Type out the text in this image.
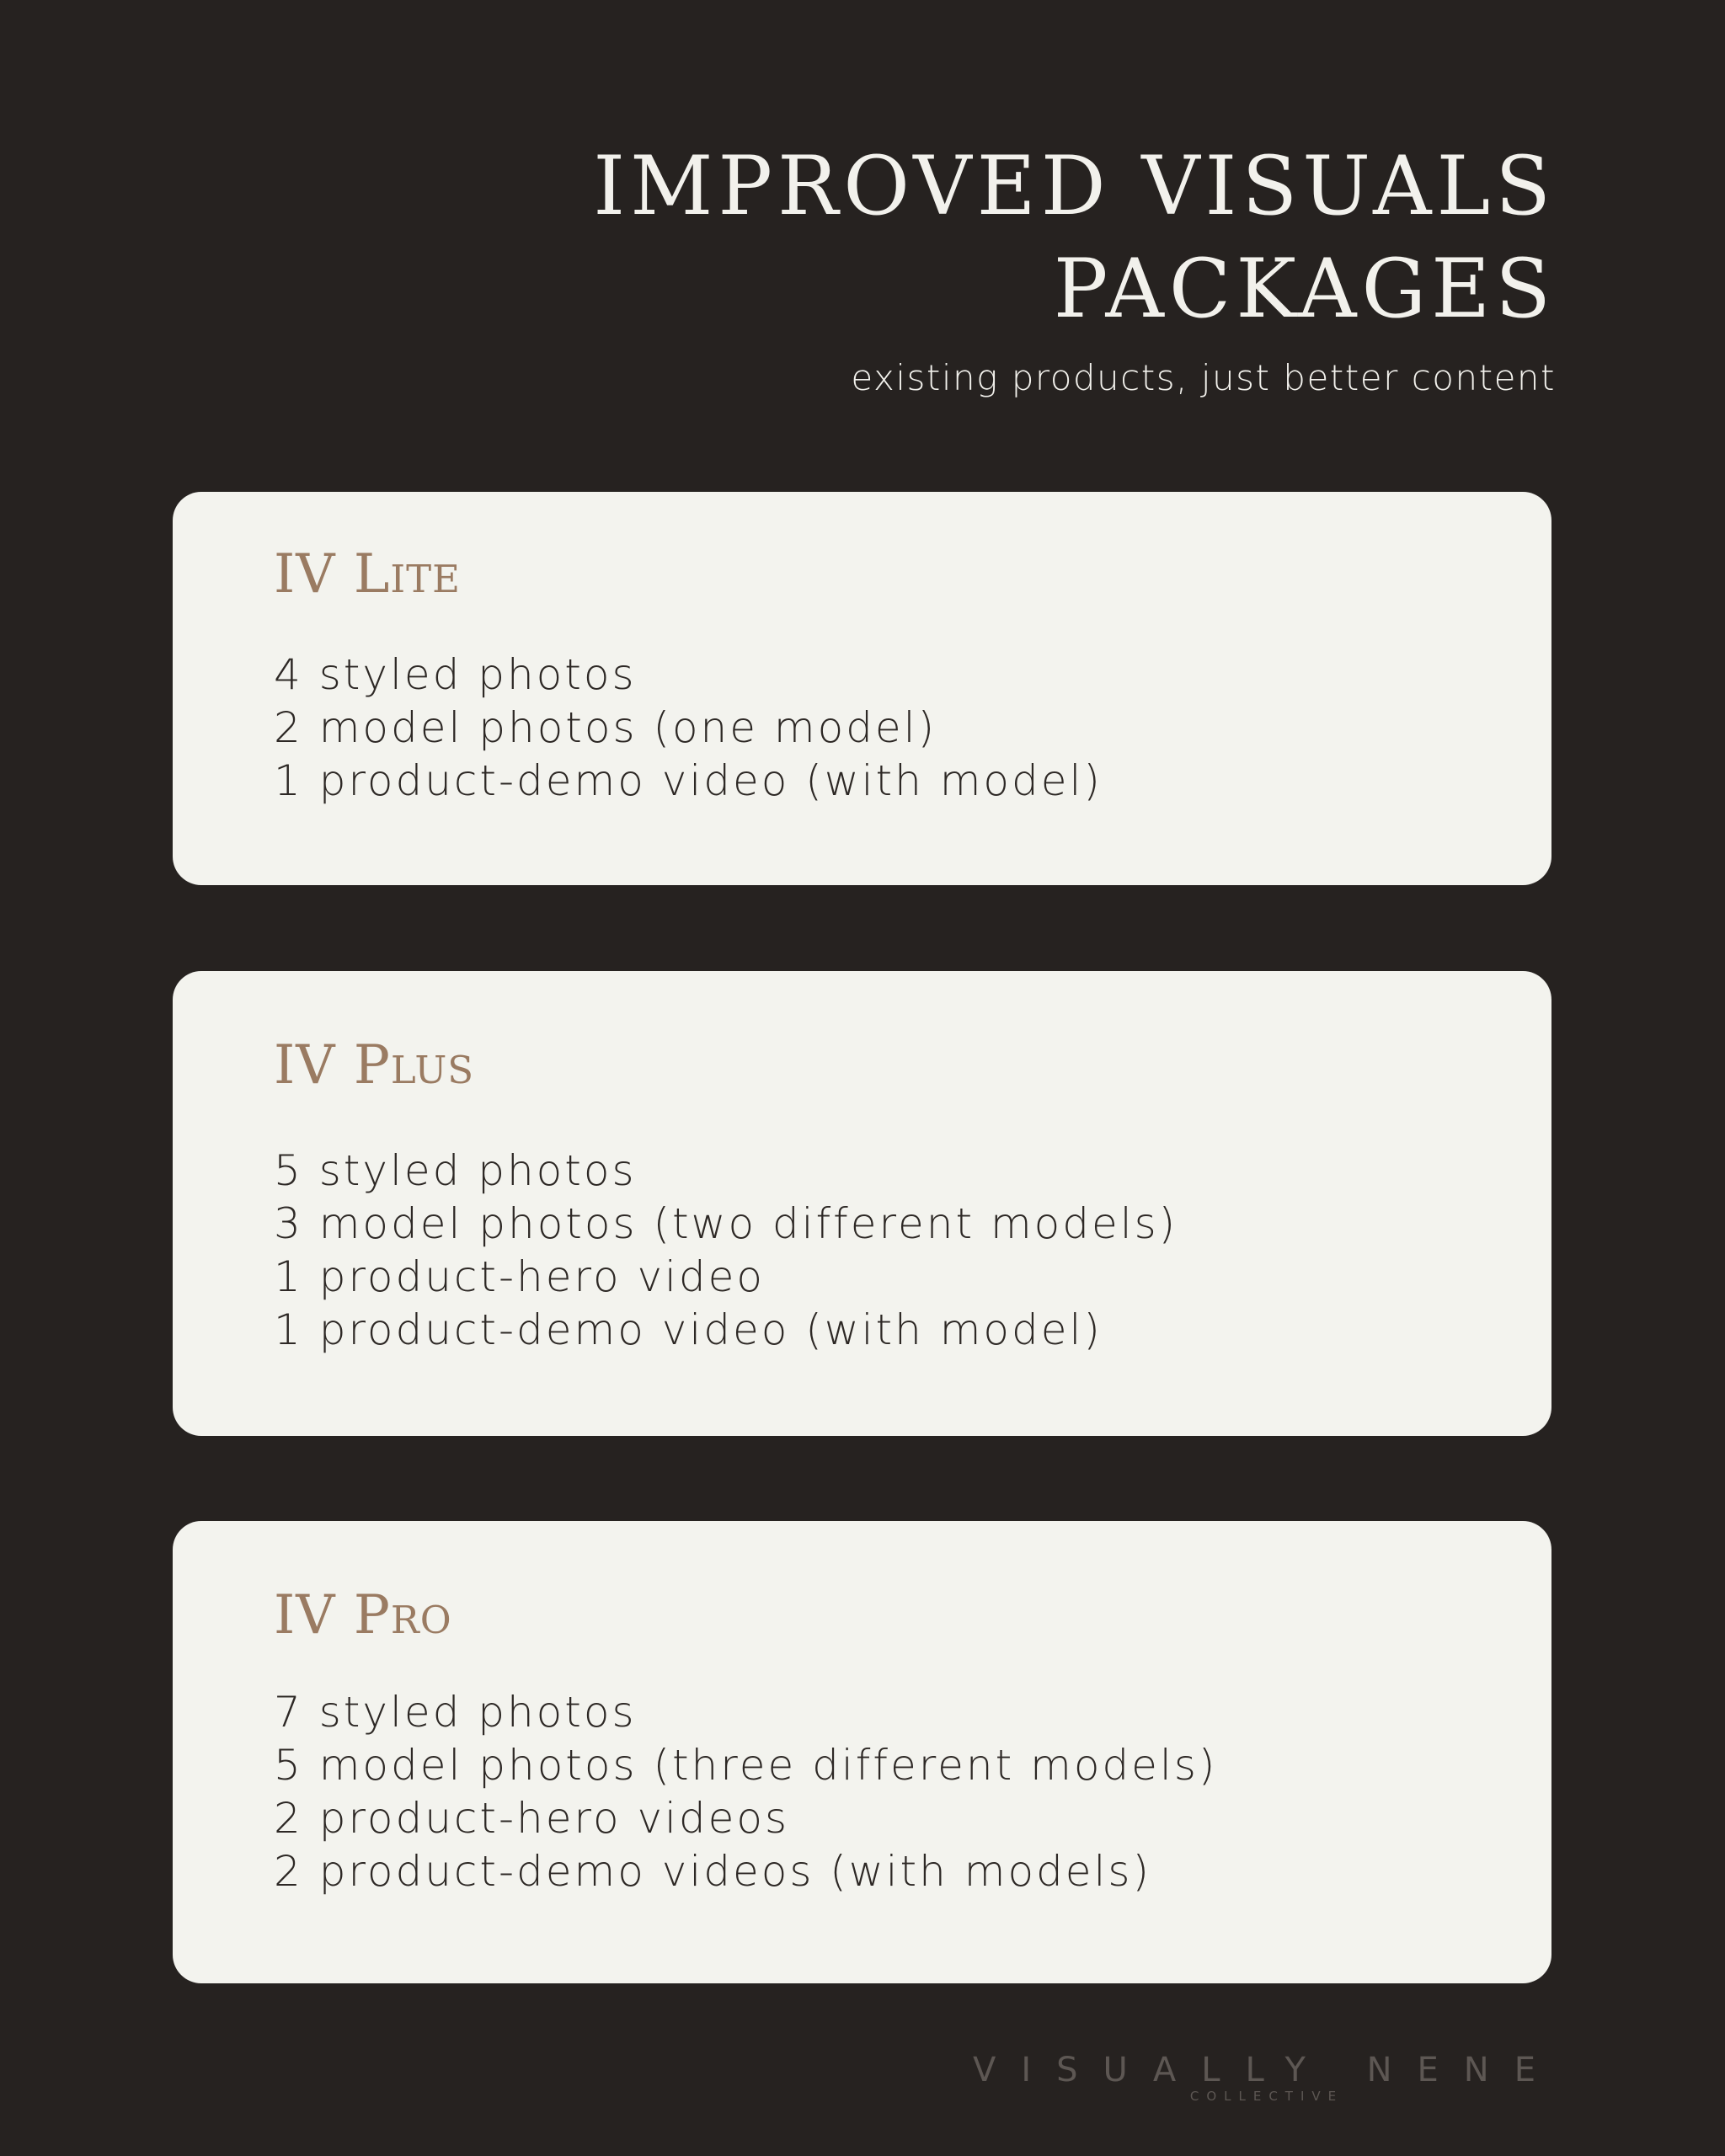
IMPROVED VISUALS
PACKAGES
existing products, just better content
IV Lite
4 styled photos
2 model photos (one model)
1 product-demo video (with model)
IV Plus
5 styled photos
3 model photos (two different models)
1 product-hero video
1 product-demo video (with model)
IV Pro
7 styled photos
5 model photos (three different models)
2 product-hero videos
2 product-demo videos (with models)
VISUALLY NENE
COLLECTIVE
